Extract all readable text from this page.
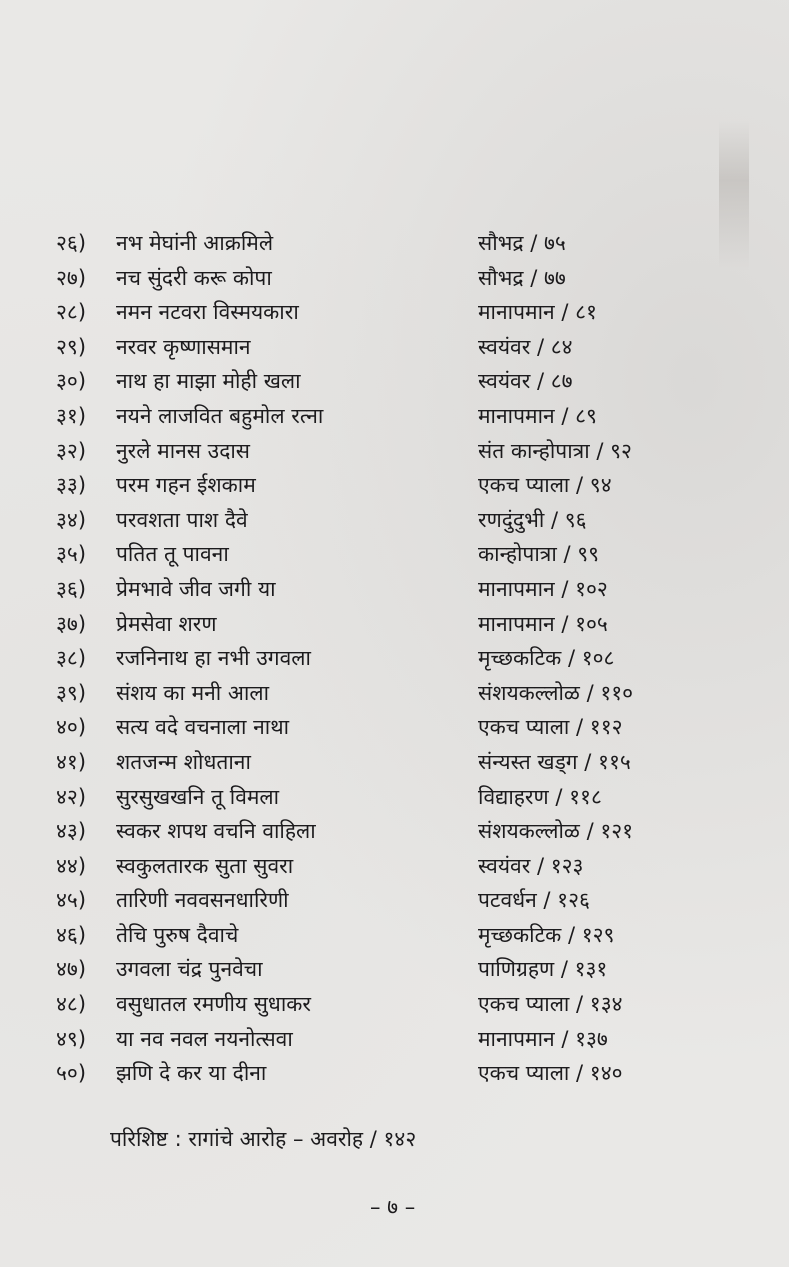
२६)	नभ मेघांनी आक्रमिले	सौभद्र / ७५
२७)	नच सुंदरी करू कोपा	सौभद्र / ७७
२८)	नमन नटवरा विस्मयकारा	मानापमान / ८१
२९)	नरवर कृष्णासमान	स्वयंवर / ८४
३०)	नाथ हा माझा मोही खला	स्वयंवर / ८७
३१)	नयने लाजवित बहुमोल रत्ना	मानापमान / ८९
३२)	नुरले मानस उदास	संत कान्होपात्रा / ९२
३३)	परम गहन ईशकाम	एकच प्याला / ९४
३४)	परवशता पाश दैवे	रणदुंदुभी / ९६
३५)	पतित तू पावना	कान्होपात्रा / ९९
३६)	प्रेमभावे जीव जगी या	मानापमान / १०२
३७)	प्रेमसेवा शरण	मानापमान / १०५
३८)	रजनिनाथ हा नभी उगवला	मृच्छकटिक / १०८
३९)	संशय का मनी आला	संशयकल्लोळ / ११०
४०)	सत्य वदे वचनाला नाथा	एकच प्याला / ११२
४१)	शतजन्म शोधताना	संन्यस्त खड्ग / ११५
४२)	सुरसुखखनि तू विमला	विद्याहरण / ११८
४३)	स्वकर शपथ वचनि वाहिला	संशयकल्लोळ / १२१
४४)	स्वकुलतारक सुता सुवरा	स्वयंवर / १२३
४५)	तारिणी नववसनधारिणी	पटवर्धन / १२६
४६)	तेचि पुरुष दैवाचे	मृच्छकटिक / १२९
४७)	उगवला चंद्र पुनवेचा	पाणिग्रहण / १३१
४८)	वसुधातल रमणीय सुधाकर	एकच प्याला / १३४
४९)	या नव नवल नयनोत्सवा	मानापमान / १३७
५०)	झणि दे कर या दीना	एकच प्याला / १४०
परिशिष्ट : रागांचे आरोह – अवरोह / १४२
– ७ –
